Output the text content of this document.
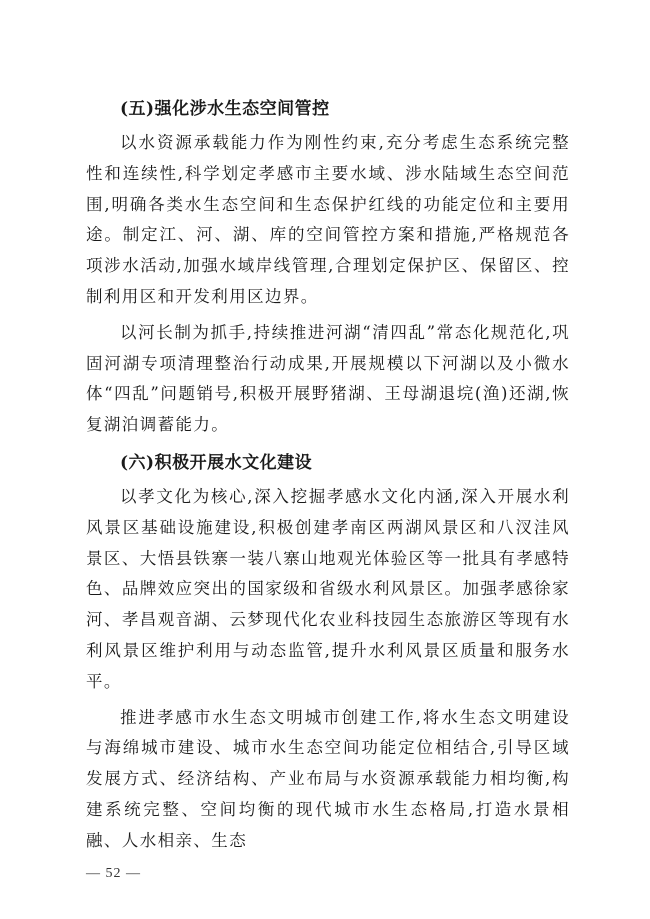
(五)强化涉水生态空间管控

以水资源承载能力作为刚性约束,充分考虑生态系统完整性和连续性,科学划定孝感市主要水域、涉水陆域生态空间范围,明确各类水生态空间和生态保护红线的功能定位和主要用途。制定江、河、湖、库的空间管控方案和措施,严格规范各项涉水活动,加强水域岸线管理,合理划定保护区、保留区、控制利用区和开发利用区边界。

以河长制为抓手,持续推进河湖“清四乱”常态化规范化,巩固河湖专项清理整治行动成果,开展规模以下河湖以及小微水体“四乱”问题销号,积极开展野猪湖、王母湖退垸(渔)还湖,恢复湖泊调蓄能力。

(六)积极开展水文化建设

以孝文化为核心,深入挖掘孝感水文化内涵,深入开展水利风景区基础设施建设,积极创建孝南区两湖风景区和八汊洼风景区、大悟县铁寨一装八寨山地观光体验区等一批具有孝感特色、品牌效应突出的国家级和省级水利风景区。加强孝感徐家河、孝昌观音湖、云梦现代化农业科技园生态旅游区等现有水利风景区维护利用与动态监管,提升水利风景区质量和服务水平。

推进孝感市水生态文明城市创建工作,将水生态文明建设与海绵城市建设、城市水生态空间功能定位相结合,引导区域发展方式、经济结构、产业布局与水资源承载能力相均衡,构建系统完整、空间均衡的现代城市水生态格局,打造水景相融、人水相亲、生态

— 52 —
